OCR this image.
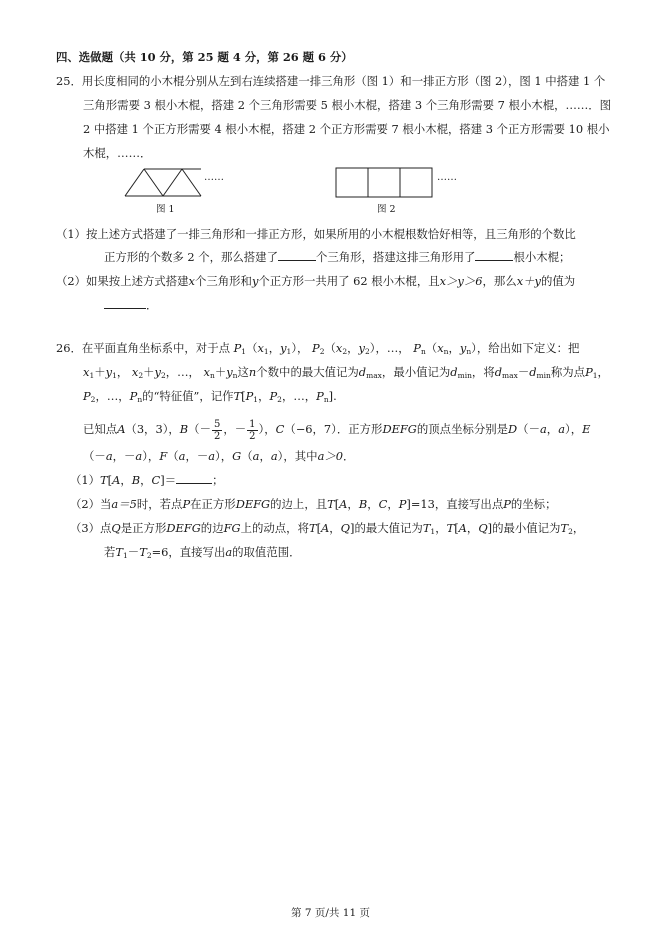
四、选做题（共 10 分，第 25 题 4 分，第 26 题 6 分）
25．用长度相同的小木棍分别从左到右连续搭建一排三角形（图 1）和一排正方形（图 2），图 1 中搭建 1 个
三角形需要 3 根小木棍，搭建 2 个三角形需要 5 根小木棍，搭建 3 个三角形需要 7 根小木棍，……．图
2 中搭建 1 个正方形需要 4 根小木棍，搭建 2 个正方形需要 7 根小木棍，搭建 3 个正方形需要 10 根小
木棍，……．
……
图 1
……
图 2
（1）按上述方式搭建了一排三角形和一排正方形，如果所用的小木棍根数恰好相等，且三角形的个数比
正方形的个数多 2 个，那么搭建了	个三角形，搭建这排三角形用了	根小木棍；
（2）如果按上述方式搭建x个三角形和y个正方形一共用了 62 根小木棍，且x＞y＞6，那么x＋y的值为
．
26．在平面直角坐标系中，对于点 $P_1(x_1$，$y_1$）， $P_2(x_2$，$y_2$），…， $P_n(x_n$，$y_n$），给出如下定义：把
$x_1+y_1$， $x_2+y_2$，…， $x_n+y_n$这n个数中的最大值记为$d_{max}$，最小值记为$d_{min}$，将$d_{max}-d_{min}$称为点$P_1$，
$P_2$，…，$P_n$的“特征值”，记作$T[P_1$，$P_2$，…，$P_n$].
已知点A（3，3），$B(- \frac{5}{2}$ ，－ $\frac{1}{2}$ ），C（−6，7）．正方形DEFG的顶点坐标分别是D（－a，a），E
（－a，－a），F（a，－a），G（a，a），其中a＞0．
（1）T[A，B，C]＝	；
（2）当a＝5时，若点P在正方形DEFG的边上，且T[A，B，C，P]=13，直接写出点P的坐标；
（3）点Q是正方形DEFG的边FG上的动点，将T[A，Q]的最大值记为$T_1$，T[A，Q]的最小值记为$T_2$，
若$T_1-T_2=6$，直接写出a的取值范围．
第 7 页/共 11 页
